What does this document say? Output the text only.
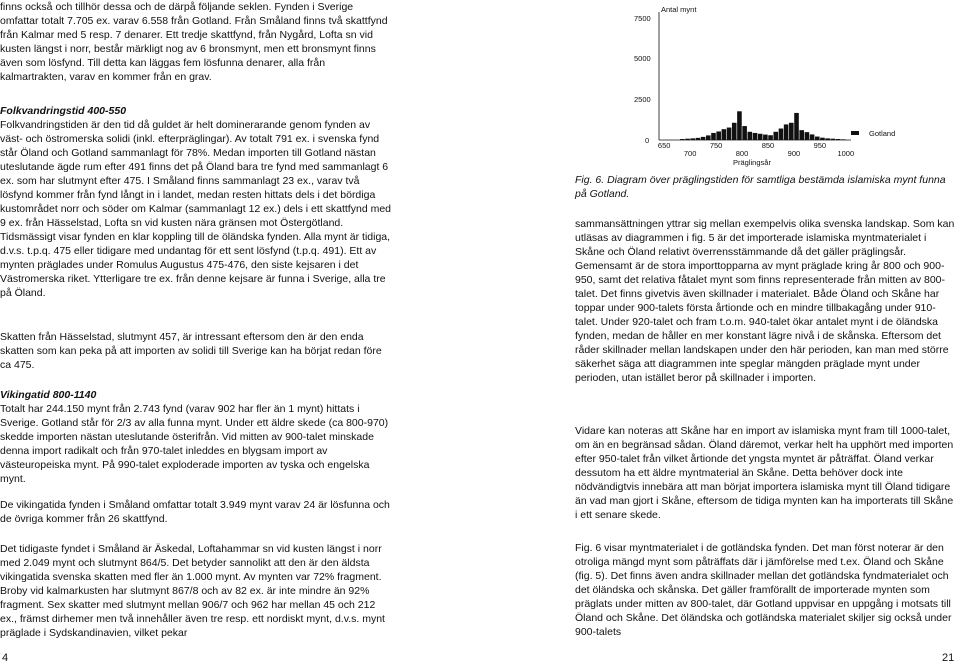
finns också och tillhör dessa och de därpå följande seklen. Fynden i Sverige omfattar totalt 7.705 ex. varav 6.558 från Gotland. Från Småland finns två skattfynd från Kalmar med 5 resp. 7 denarer. Ett tredje skattfynd, från Nygård, Lofta sn vid kusten längst i norr, består märkligt nog av 6 bronsmynt, men ett bronsmynt finns även som lösfynd. Till detta kan läggas fem lösfunna denarer, alla från kalmartrakten, varav en kommer från en grav.

Folkvandringstid 400-550

Folkvandringstiden är den tid då guldet är helt dominerarande genom fynden av väst- och östromerska solidi (inkl. efterpräglingar). Av totalt 791 ex. i svenska fynd står Öland och Gotland sammanlagt för 78%. Medan importen till Gotland nästan uteslutande ägde rum efter 491 finns det på Öland bara tre fynd med sammanlagt 6 ex. som har slutmynt efter 475. I Småland finns sammanlagt 23 ex., varav två lösfynd kommer från fynd långt in i landet, medan resten hittats dels i det bördiga kustområdet norr och söder om Kalmar (sammanlagt 12 ex.) dels i ett skattfynd med 9 ex. från Hässelstad, Lofta sn vid kusten nära gränsen mot Östergötland. Tidsmässigt visar fynden en klar koppling till de öländska fynden. Alla mynt är tidiga, d.v.s. t.p.q. 475 eller tidigare med undantag för ett sent lösfynd (t.p.q. 491). Ett av mynten präglades under Romulus Augustus 475-476, den siste kejsaren i det Västromerska riket. Ytterligare tre ex. från denne kejsare är funna i Sverige, alla tre på Öland.

Skatten från Hässelstad, slutmynt 457, är intressant eftersom den är den enda skatten som kan peka på att importen av solidi till Sverige kan ha börjat redan före ca 475.

Vikingatid 800-1140

Totalt har 244.150 mynt från 2.743 fynd (varav 902 har fler än 1 mynt) hittats i Sverige. Gotland står för 2/3 av alla funna mynt. Under ett äldre skede (ca 800-970) skedde importen nästan uteslutande österifrån. Vid mitten av 900-talet minskade denna import radikalt och från 970-talet inleddes en blygsam import av västeuropeiska mynt. På 990-talet exploderade importen av tyska och engelska mynt.

De vikingatida fynden i Småland omfattar totalt 3.949 mynt varav 24 är lösfunna och de övriga kommer från 26 skattfynd.

Det tidigaste fyndet i Småland är Äskedal, Loftahammar sn vid kusten längst i norr med 2.049 mynt och slutmynt 864/5. Det betyder sannolikt att den är den äldsta vikingatida svenska skatten med fler än 1.000 mynt. Av mynten var 72% fragment. Broby vid kalmarkusten har slutmynt 867/8 och av 82 ex. är inte mindre än 92% fragment. Sex skatter med slutmynt mellan 906/7 och 962 har mellan 45 och 212 ex., främst dirhemer men två innehåller även tre resp. ett nordiskt mynt, d.v.s. mynt präglade i Sydskandinavien, vilket pekar

Antal mynt
7500
5000
2500
0
650	750	850	950
700	800	900	1000
Präglingsår
Gotland

Fig. 6. Diagram över präglingstiden för samtliga bestämda islamiska mynt funna på Gotland.

sammansättningen yttrar sig mellan exempelvis olika svenska landskap. Som kan utläsas av diagrammen i fig. 5 är det importerade islamiska myntmaterialet i Skåne och Öland relativt överrensstämmande då det gäller präglingsår. Gemensamt är de stora importtopparna av mynt präglade kring år 800 och 900-950, samt det relativa fåtalet mynt som finns representerade från mitten av 800-talet. Det finns givetvis även skillnader i materialet. Både Öland och Skåne har toppar under 900-talets första årtionde och en mindre tillbakagång under 910-talet. Under 920-talet och fram t.o.m. 940-talet ökar antalet mynt i de öländska fynden, medan de håller en mer konstant lägre nivå i de skånska. Eftersom det råder skillnader mellan landskapen under den här perioden, kan man med större säkerhet säga att diagrammen inte speglar mängden präglade mynt under perioden, utan istället beror på skillnader i importen.

Vidare kan noteras att Skåne har en import av islamiska mynt fram till 1000-talet, om än en begränsad sådan. Öland däremot, verkar helt ha upphört med importen efter 950-talet från vilket årtionde det yngsta myntet är påträffat. Öland verkar dessutom ha ett äldre myntmaterial än Skåne. Detta behöver dock inte nödvändigtvis innebära att man börjat importera islamiska mynt till Öland tidigare än vad man gjort i Skåne, eftersom de tidiga mynten kan ha importerats till Skåne i ett senare skede.

Fig. 6 visar myntmaterialet i de gotländska fynden. Det man först noterar är den otroliga mängd mynt som påträffats där i jämförelse med t.ex. Öland och Skåne (fig. 5). Det finns även andra skillnader mellan det gotländska fyndmaterialet och det öländska och skånska. Det gäller framförallt de importerade mynten som präglats under mitten av 800-talet, där Gotland uppvisar en uppgång i motsats till Öland och Skåne. Det öländska och gotländska materialet skiljer sig också under 900-talets

4	21
